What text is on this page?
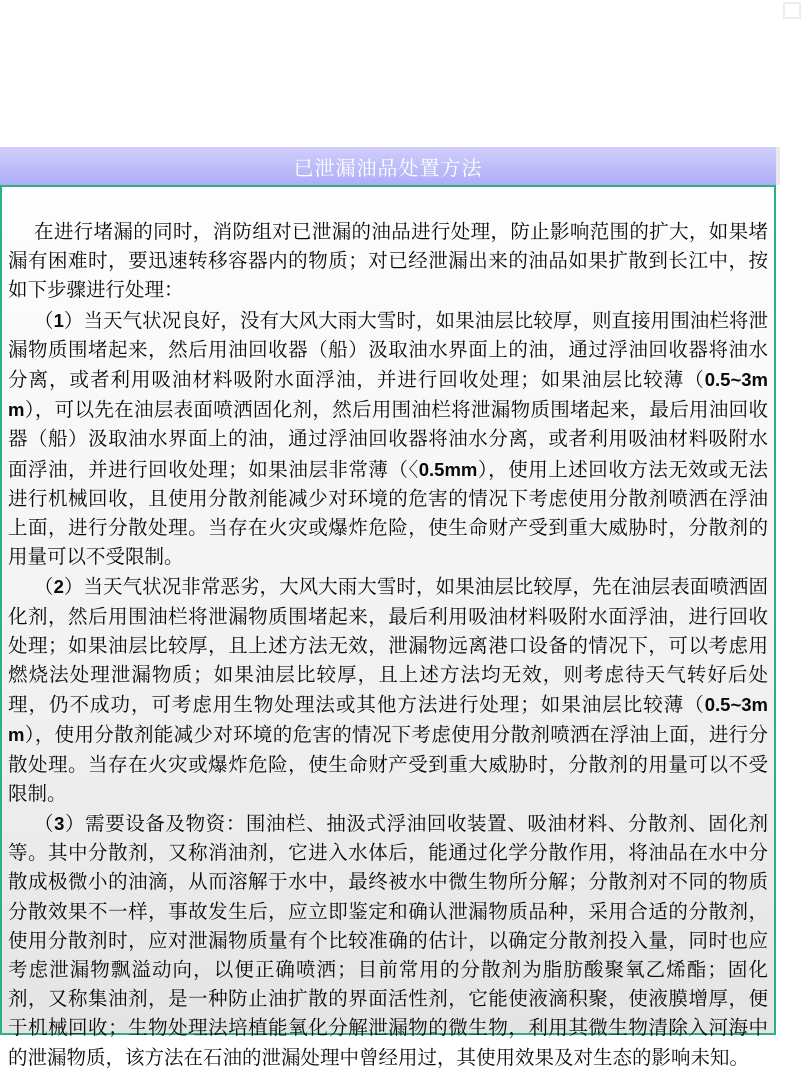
已泄漏油品处置方法

在进行堵漏的同时，消防组对已泄漏的油品进行处理，防止影响范围的扩大，如果堵漏有困难时，要迅速转移容器内的物质；对已经泄漏出来的油品如果扩散到长江中，按如下步骤进行处理：

（1）当天气状况良好，没有大风大雨大雪时，如果油层比较厚，则直接用围油栏将泄漏物质围堵起来，然后用油回收器（船）汲取油水界面上的油，通过浮油回收器将油水分离，或者利用吸油材料吸附水面浮油，并进行回收处理；如果油层比较薄（0.5~3mm），可以先在油层表面喷洒固化剂，然后用围油栏将泄漏物质围堵起来，最后用油回收器（船）汲取油水界面上的油，通过浮油回收器将油水分离，或者利用吸油材料吸附水面浮油，并进行回收处理；如果油层非常薄（〈0.5mm），使用上述回收方法无效或无法进行机械回收，且使用分散剂能减少对环境的危害的情况下考虑使用分散剂喷洒在浮油上面，进行分散处理。当存在火灾或爆炸危险，使生命财产受到重大威胁时，分散剂的用量可以不受限制。

（2）当天气状况非常恶劣，大风大雨大雪时，如果油层比较厚，先在油层表面喷洒固化剂，然后用围油栏将泄漏物质围堵起来，最后利用吸油材料吸附水面浮油，进行回收处理；如果油层比较厚，且上述方法无效，泄漏物远离港口设备的情况下，可以考虑用燃烧法处理泄漏物质；如果油层比较厚，且上述方法均无效，则考虑待天气转好后处理，仍不成功，可考虑用生物处理法或其他方法进行处理；如果油层比较薄（0.5~3mm），使用分散剂能减少对环境的危害的情况下考虑使用分散剂喷洒在浮油上面，进行分散处理。当存在火灾或爆炸危险，使生命财产受到重大威胁时，分散剂的用量可以不受限制。

（3）需要设备及物资：围油栏、抽汲式浮油回收装置、吸油材料、分散剂、固化剂等。其中分散剂，又称消油剂，它进入水体后，能通过化学分散作用，将油品在水中分散成极微小的油滴，从而溶解于水中，最终被水中微生物所分解；分散剂对不同的物质分散效果不一样，事故发生后，应立即鉴定和确认泄漏物质品种，采用合适的分散剂，使用分散剂时，应对泄漏物质量有个比较准确的估计，以确定分散剂投入量，同时也应考虑泄漏物飘溢动向，以便正确喷洒；目前常用的分散剂为脂肪酸聚氧乙烯酯；固化剂，又称集油剂，是一种防止油扩散的界面活性剂，它能使液滴积聚，使液膜增厚，便于机械回收；生物处理法培植能氧化分解泄漏物的微生物，利用其微生物清除入河海中的泄漏物质，该方法在石油的泄漏处理中曾经用过，其使用效果及对生态的影响未知。
